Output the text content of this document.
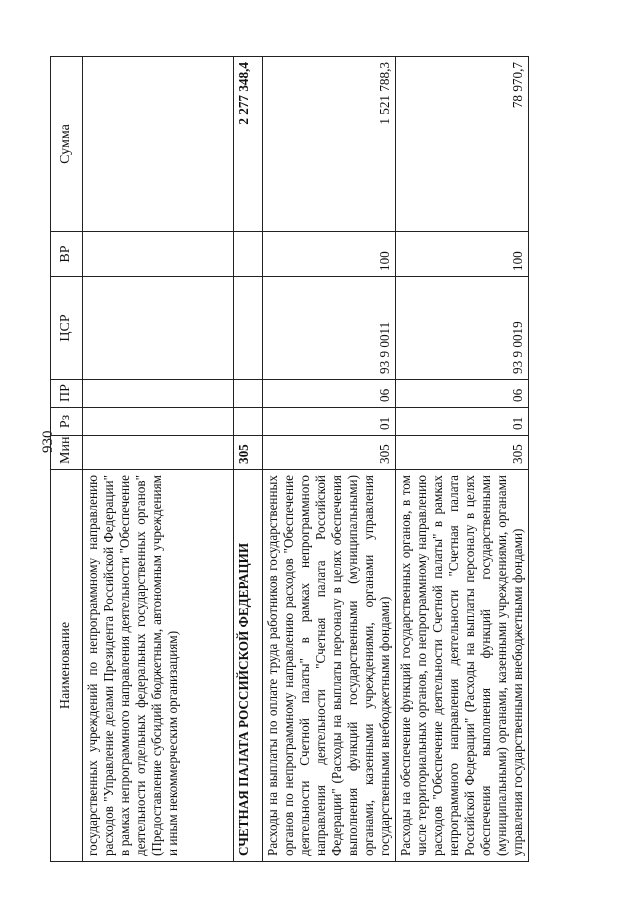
930
Наименование	Мин	Рз	ПР	ЦСР	ВР	Сумма
государственных учреждений по непрограммному направлению расходов "Управление делами Президента Российской Федерации" в рамках непрограммного направления деятельности "Обеспечение деятельности отдельных федеральных государственных органов" (Предоставление субсидий бюджетным, автономным учреждениям и иным некоммерческим организациям)						
СЧЕТНАЯ ПАЛАТА РОССИЙСКОЙ ФЕДЕРАЦИИ	305					2 277 348,4
Расходы на выплаты по оплате труда работников государственных органов по непрограммному направлению расходов "Обеспечение деятельности Счетной палаты" в рамках непрограммного направления деятельности "Счетная палата Российской Федерации" (Расходы на выплаты персоналу в целях обеспечения выполнения функций государственными (муниципальными) органами, казенными учреждениями, органами управления государственными внебюджетными фондами)	305	01	06	93 9 0011	100	1 521 788,3
Расходы на обеспечение функций государственных органов, в том числе территориальных органов, по непрограммному направлению расходов "Обеспечение деятельности Счетной палаты" в рамках непрограммного направления деятельности "Счетная палата Российской Федерации" (Расходы на выплаты персоналу в целях обеспечения выполнения функций государственными (муниципальными) органами, казенными учреждениями, органами управления государственными внебюджетными фондами)	305	01	06	93 9 0019	100	78 970,7
